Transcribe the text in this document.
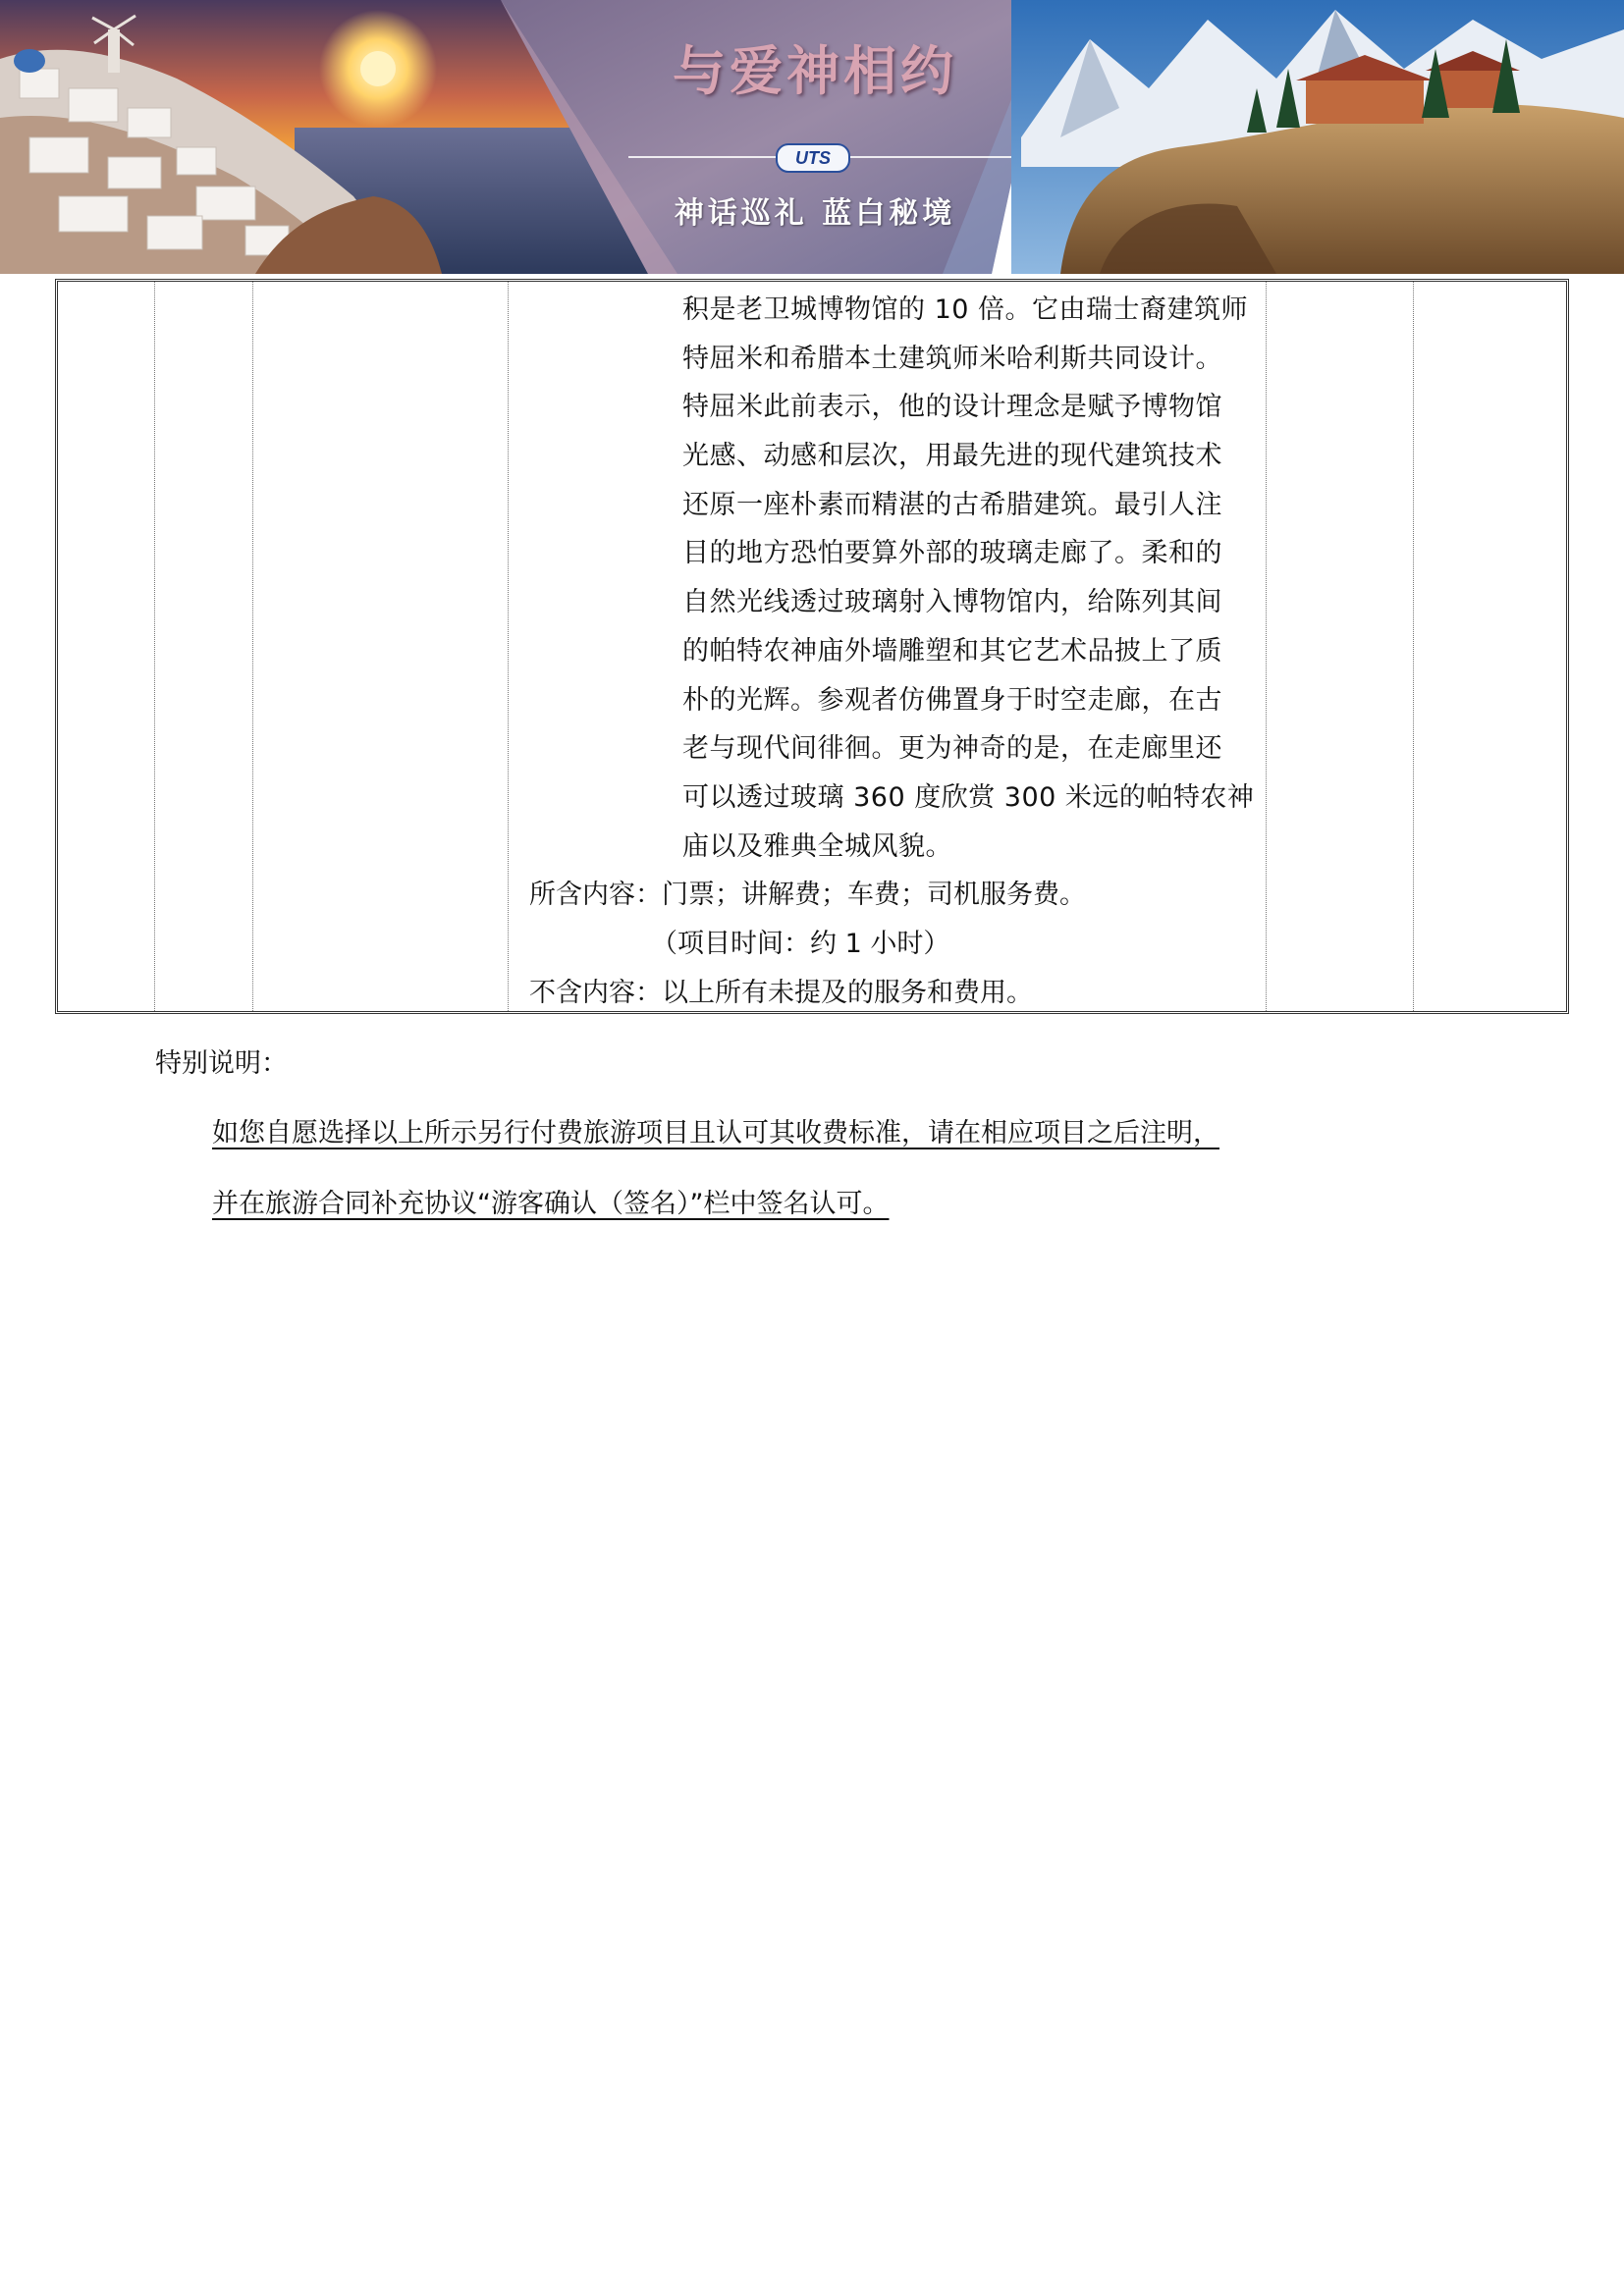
与爱神相约
UTS
神话巡礼 蓝白秘境
积是老卫城博物馆的 10 倍。它由瑞士裔建筑师
特屈米和希腊本土建筑师米哈利斯共同设计。
特屈米此前表示，他的设计理念是赋予博物馆
光感、动感和层次，用最先进的现代建筑技术
还原一座朴素而精湛的古希腊建筑。最引人注
目的地方恐怕要算外部的玻璃走廊了。柔和的
自然光线透过玻璃射入博物馆内，给陈列其间
的帕特农神庙外墙雕塑和其它艺术品披上了质
朴的光辉。参观者仿佛置身于时空走廊，在古
老与现代间徘徊。更为神奇的是，在走廊里还
可以透过玻璃 360 度欣赏 300 米远的帕特农神
庙以及雅典全城风貌。
所含内容：门票；讲解费；车费；司机服务费。
（项目时间：约 1 小时）
不含内容：以上所有未提及的服务和费用。
特别说明：
如您自愿选择以上所示另行付费旅游项目且认可其收费标准，请在相应项目之后注明，
并在旅游合同补充协议“游客确认（签名）”栏中签名认可。
